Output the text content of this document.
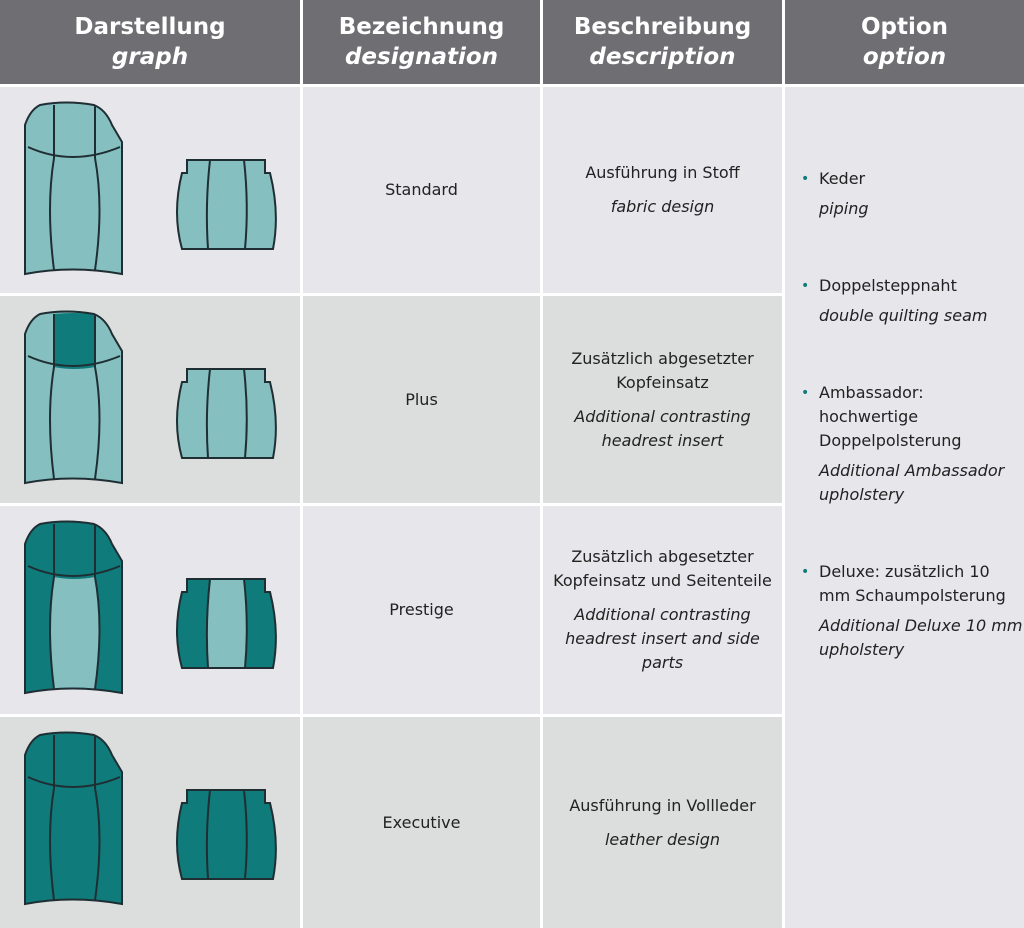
Darstellung
graph
Bezeichnung
designation
Beschreibung
description
Option
option
Standard
Ausführung in Stoff
fabric design
Plus
Zusätzlich abgesetzter Kopfeinsatz
Additional contrasting headrest insert
Prestige
Zusätzlich abgesetzter Kopfeinsatz und Seitenteile
Additional contrasting headrest insert and side parts
Executive
Ausführung in Vollleder
leather design
• Keder
piping
• Doppelsteppnaht
double quilting seam
• Ambassador: hochwertige Doppelpolsterung
Additional Ambassador upholstery
• Deluxe: zusätzlich 10 mm Schaumpolsterung
Additional Deluxe 10 mm upholstery
